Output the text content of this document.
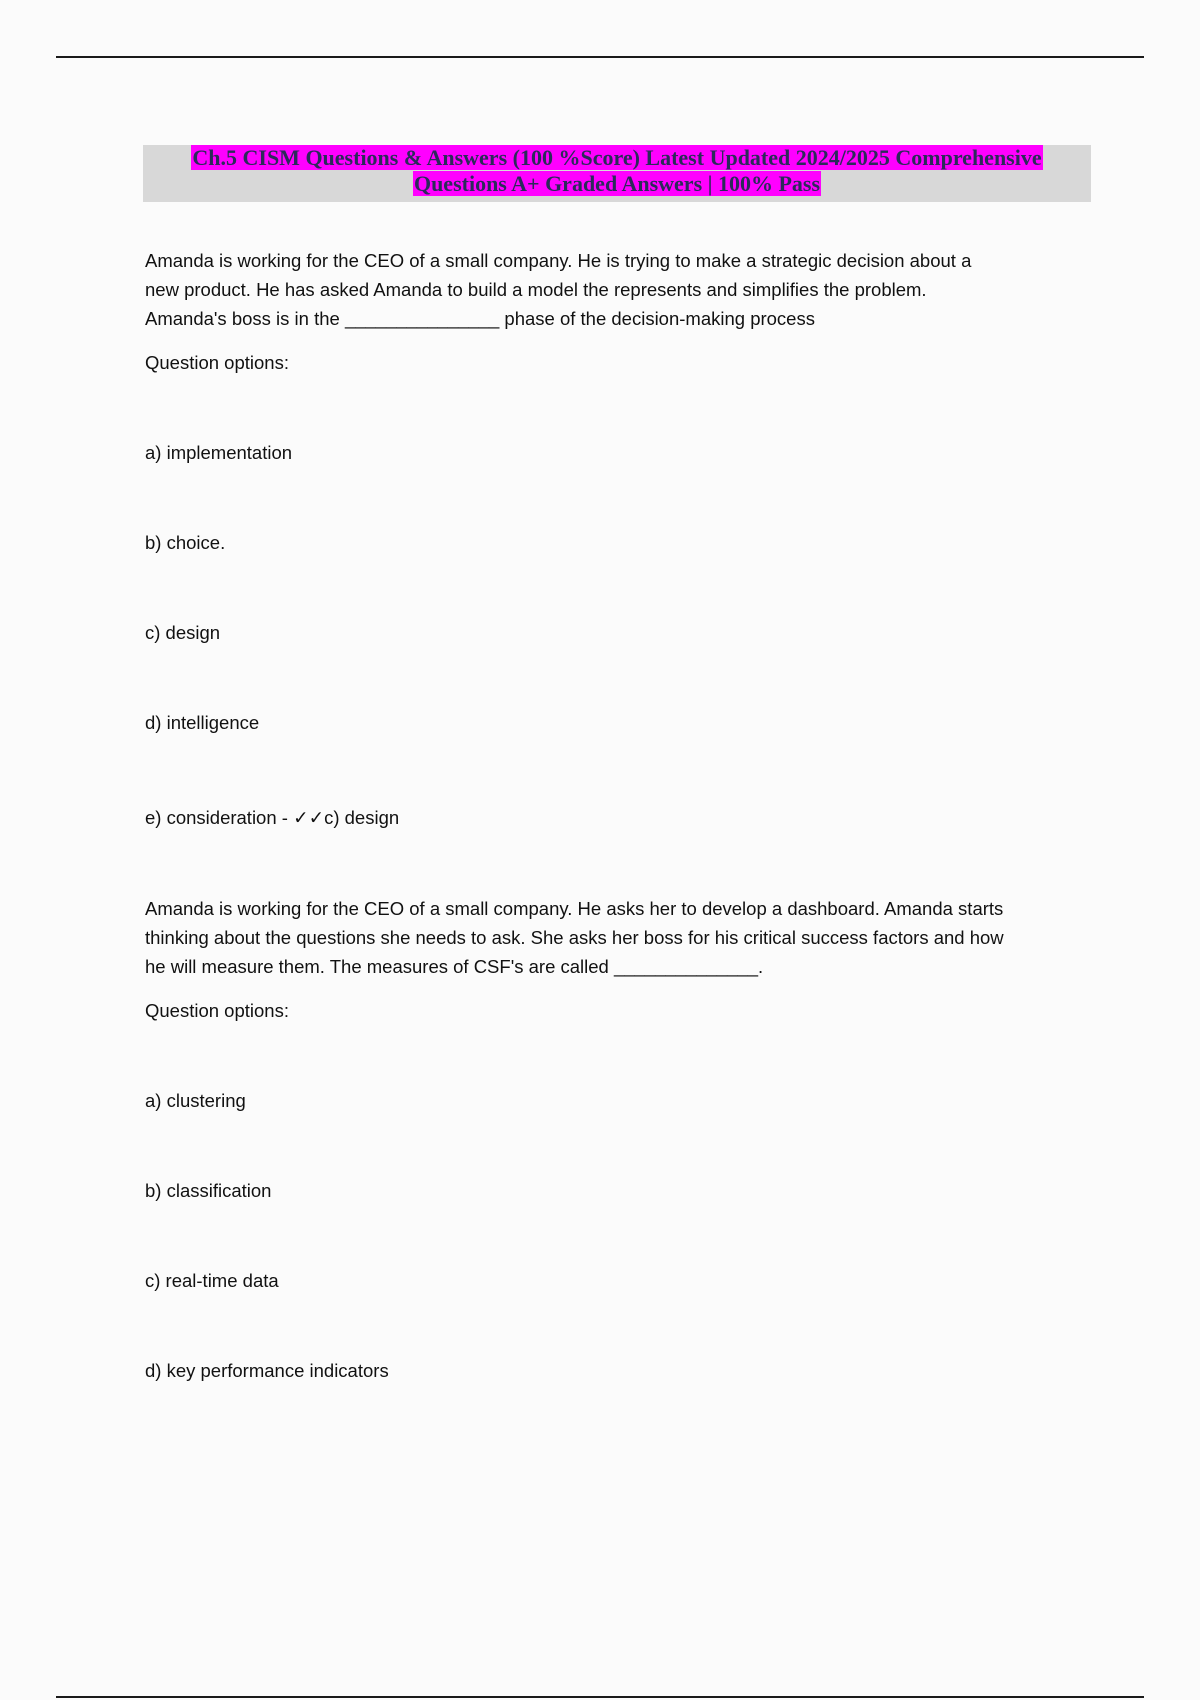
Ch.5 CISM Questions & Answers (100 %Score) Latest Updated 2024/2025 Comprehensive
Questions A+ Graded Answers | 100% Pass

Amanda is working for the CEO of a small company. He is trying to make a strategic decision about a
new product. He has asked Amanda to build a model the represents and simplifies the problem.
Amanda's boss is in the _______________ phase of the decision-making process

Question options:

a) implementation

b) choice.

c) design

d) intelligence

e) consideration - ✓✓c) design

Amanda is working for the CEO of a small company. He asks her to develop a dashboard. Amanda starts
thinking about the questions she needs to ask. She asks her boss for his critical success factors and how
he will measure them. The measures of CSF's are called ______________.

Question options:

a) clustering

b) classification

c) real-time data

d) key performance indicators
